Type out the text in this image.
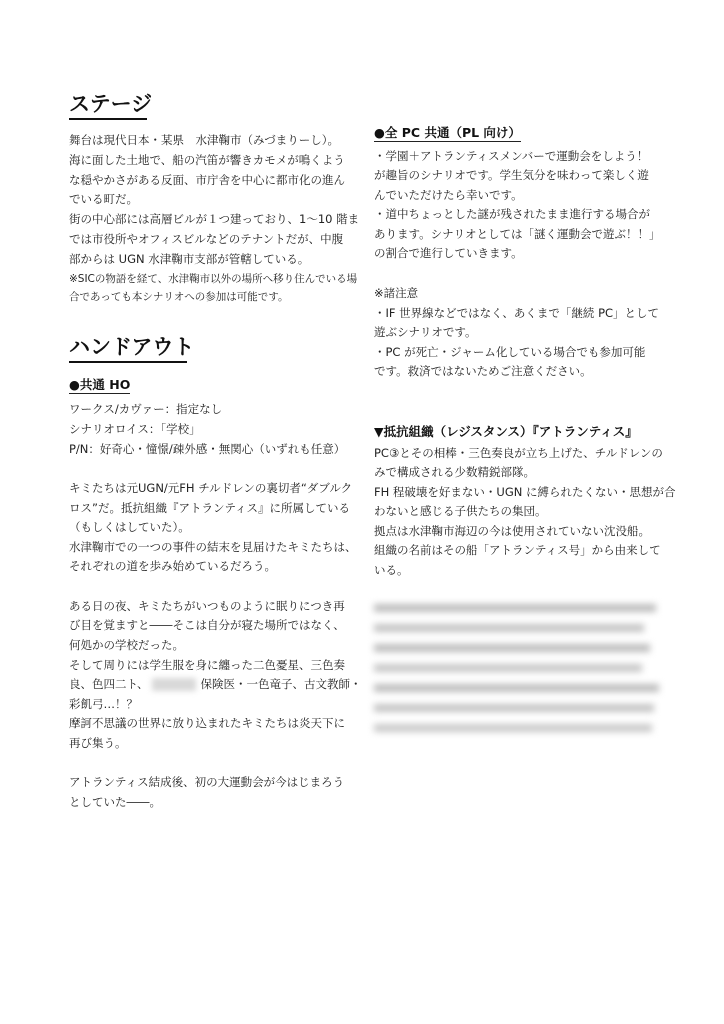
ステージ
舞台は現代日本・某県　水津鞠市（みづまりーし）。
海に面した土地で、船の汽笛が響きカモメが鳴くよう
な穏やかさがある反面、市庁舎を中心に都市化の進ん
でいる町だ。
街の中心部には高層ビルが１つ建っており、1～10 階ま
では市役所やオフィスビルなどのテナントだが、中腹
部からは UGN 水津鞠市支部が管轄している。
※SICの物語を経て、水津鞠市以外の場所へ移り住んでいる場
合であっても本シナリオへの参加は可能です。
ハンドアウト
●共通 HO
ワークス/カヴァー：指定なし
シナリオロイス：「学校」
P/N：好奇心・憧憬/疎外感・無関心（いずれも任意）
キミたちは元UGN/元FH チルドレンの裏切者“ダブルク
ロス”だ。抵抗組織『アトランティス』に所属している
（もしくはしていた）。
水津鞠市での一つの事件の結末を見届けたキミたちは、
それぞれの道を歩み始めているだろう。
ある日の夜、キミたちがいつものように眠りにつき再
び目を覚ますと――そこは自分が寝た場所ではなく、
何処かの学校だった。
そして周りには学生服を身に纏った二色憂星、三色奏
良、色四二ト、	保険医・一色竜子、古文教師・
彩飢弓…！？
摩訶不思議の世界に放り込まれたキミたちは炎天下に
再び集う。
アトランティス結成後、初の大運動会が今はじまろう
としていた――。
●全 PC 共通（PL 向け）
・学園＋アトランティスメンバーで運動会をしよう！
が趣旨のシナリオです。学生気分を味わって楽しく遊
んでいただけたら幸いです。
・道中ちょっとした謎が残されたまま進行する場合が
あります。シナリオとしては「謎く運動会で遊ぶ！！」
の割合で進行していきます。
※諸注意
・IF 世界線などではなく、あくまで「継続 PC」として
遊ぶシナリオです。
・PC が死亡・ジャーム化している場合でも参加可能
です。救済ではないためご注意ください。
▼抵抗組織（レジスタンス）『アトランティス』
PC③とその相棒・三色奏良が立ち上げた、チルドレンの
みで構成される少数精鋭部隊。
FH 程破壊を好まない・UGN に縛られたくない・思想が合
わないと感じる子供たちの集団。
拠点は水津鞠市海辺の今は使用されていない沈没船。
組織の名前はその船「アトランティス号」から由来して
いる。
